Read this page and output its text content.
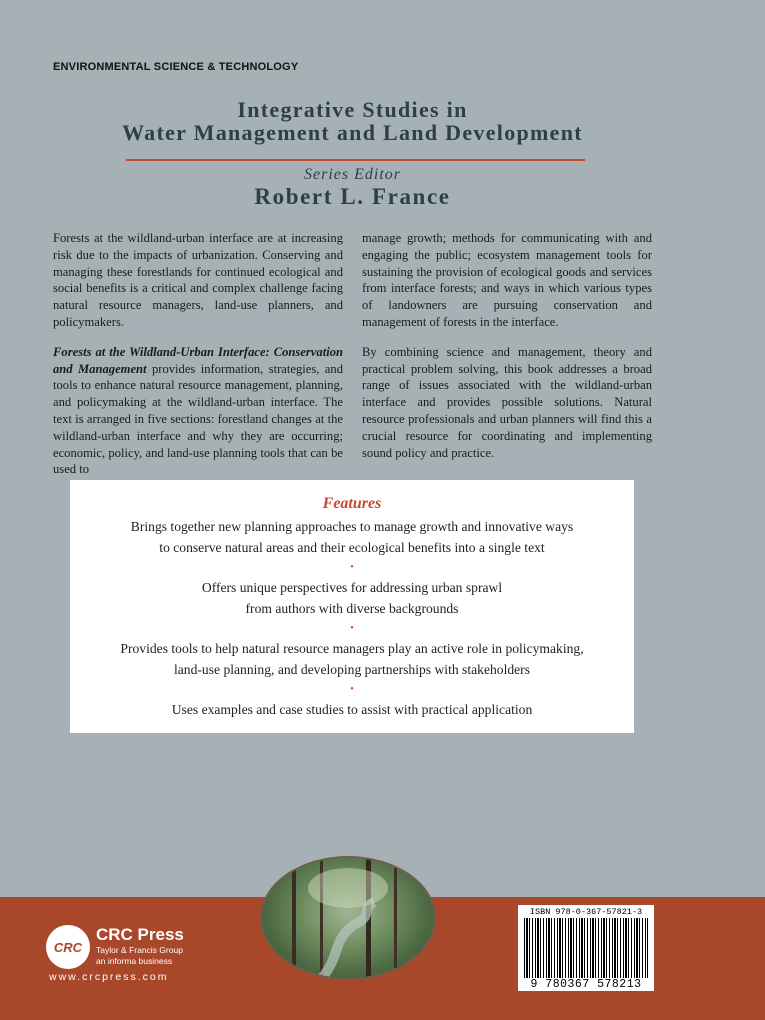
ENVIRONMENTAL SCIENCE & TECHNOLOGY
Integrative Studies in
Water Management and Land Development
Series Editor
Robert L. France

Forests at the wildland-urban interface are at increasing risk due to the impacts of urbanization. Conserving and managing these forestlands for continued ecological and social benefits is a critical and complex challenge facing natural resource managers, land-use planners, and policymakers.

Forests at the Wildland-Urban Interface: Conservation and Management provides information, strategies, and tools to enhance natural resource management, planning, and policymaking at the wildland-urban interface. The text is arranged in five sections: forestland changes at the wildland-urban interface and why they are occurring; economic, policy, and land-use planning tools that can be used to

manage growth; methods for communicating with and engaging the public; ecosystem management tools for sustaining the provision of ecological goods and services from interface forests; and ways in which various types of landowners are pursuing conservation and management of forests in the interface.

By combining science and management, theory and practical problem solving, this book addresses a broad range of issues associated with the wildland-urban interface and provides possible solutions. Natural resource professionals and urban planners will find this a crucial resource for coordinating and implementing sound policy and practice.

Features
Brings together new planning approaches to manage growth and innovative ways
to conserve natural areas and their ecological benefits into a single text
•
Offers unique perspectives for addressing urban sprawl
from authors with diverse backgrounds
•
Provides tools to help natural resource managers play an active role in policymaking,
land-use planning, and developing partnerships with stakeholders
•
Uses examples and case studies to assist with practical application
CRC
CRC Press
Taylor & Francis Group
an informa business
www.crcpress.com
ISBN 978-0-367-57821-3
9 780367 578213
